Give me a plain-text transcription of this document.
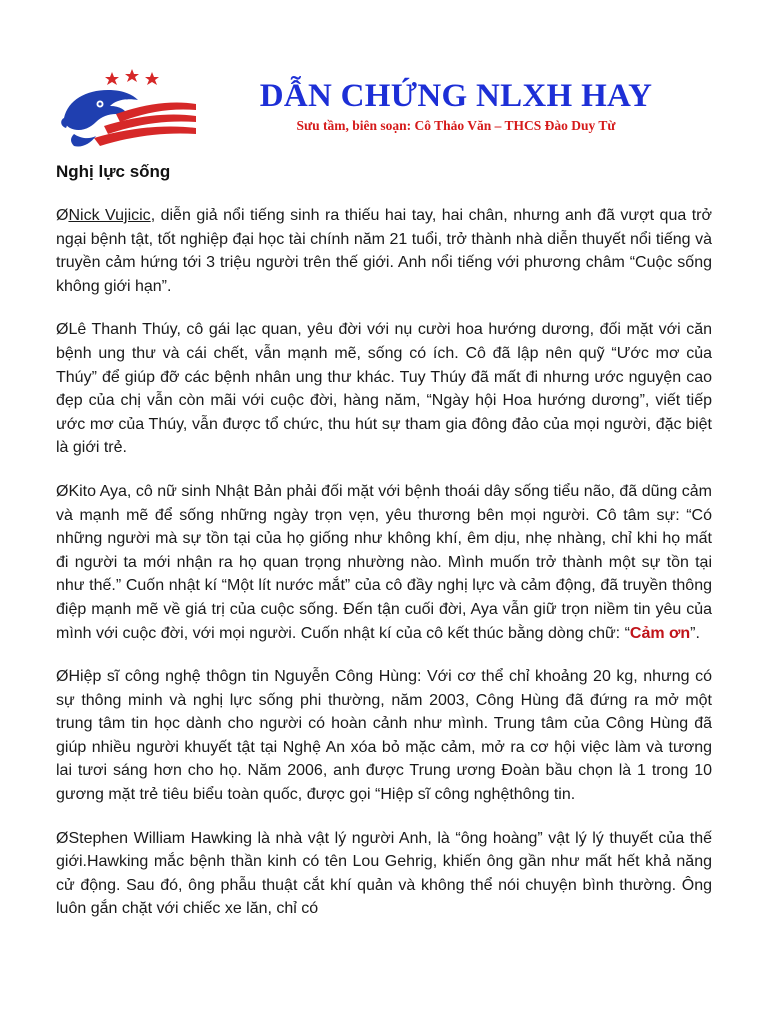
DẪN CHỨNG NLXH HAY
Sưu tầm, biên soạn: Cô Thảo Văn – THCS Đào Duy Từ
Nghị lực sống

ØNick Vujicic, diễn giả nổi tiếng sinh ra thiếu hai tay, hai chân, nhưng anh đã vượt qua trở ngại bệnh tật, tốt nghiệp đại học tài chính năm 21 tuổi, trở thành nhà diễn thuyết nổi tiếng và truyền cảm hứng tới 3 triệu người trên thế giới. Anh nổi tiếng với phương châm “Cuộc sống không giới hạn”.

ØLê Thanh Thúy, cô gái lạc quan, yêu đời với nụ cười hoa hướng dương, đối mặt với căn bệnh ung thư và cái chết, vẫn mạnh mẽ, sống có ích. Cô đã lập nên quỹ “Ước mơ của Thúy” để giúp đỡ các bệnh nhân ung thư khác. Tuy Thúy đã mất đi nhưng ước nguyện cao đẹp của chị vẫn còn mãi với cuộc đời, hàng năm, “Ngày hội Hoa hướng dương”, viết tiếp ước mơ của Thúy, vẫn được tổ chức, thu hút sự tham gia đông đảo của mọi người, đặc biệt là giới trẻ.

ØKito Aya, cô nữ sinh Nhật Bản phải đối mặt với bệnh thoái dây sống tiểu não, đã dũng cảm và mạnh mẽ để sống những ngày trọn vẹn, yêu thương bên mọi người. Cô tâm sự: “Có những người mà sự tồn tại của họ giống như không khí, êm dịu, nhẹ nhàng, chỉ khi họ mất đi người ta mới nhận ra họ quan trọng nhường nào. Mình muốn trở thành một sự tồn tại như thế.” Cuốn nhật kí “Một lít nước mắt” của cô đầy nghị lực và cảm động, đã truyền thông điệp mạnh mẽ về giá trị của cuộc sống. Đến tận cuối đời, Aya vẫn giữ trọn niềm tin yêu của mình với cuộc đời, với mọi người. Cuốn nhật kí của cô kết thúc bằng dòng chữ: “Cảm ơn”.

ØHiệp sĩ công nghệ thôgn tin Nguyễn Công Hùng: Với cơ thể chỉ khoảng 20 kg, nhưng có sự thông minh và nghị lực sống phi thường, năm 2003, Công Hùng đã đứng ra mở một trung tâm tin học dành cho người có hoàn cảnh như mình. Trung tâm của Công Hùng đã giúp nhiều người khuyết tật tại Nghệ An xóa bỏ mặc cảm, mở ra cơ hội việc làm và tương lai tươi sáng hơn cho họ. Năm 2006, anh được Trung ương Đoàn bầu chọn là 1 trong 10 gương mặt trẻ tiêu biểu toàn quốc, được gọi “Hiệp sĩ công nghệthông tin.

ØStephen William Hawking là nhà vật lý người Anh, là “ông hoàng” vật lý lý thuyết của thế giới.Hawking mắc bệnh thần kinh có tên Lou Gehrig, khiến ông gần như mất hết khả năng cử động. Sau đó, ông phẫu thuật cắt khí quản và không thể nói chuyện bình thường. Ông luôn gắn chặt với chiếc xe lăn, chỉ có
